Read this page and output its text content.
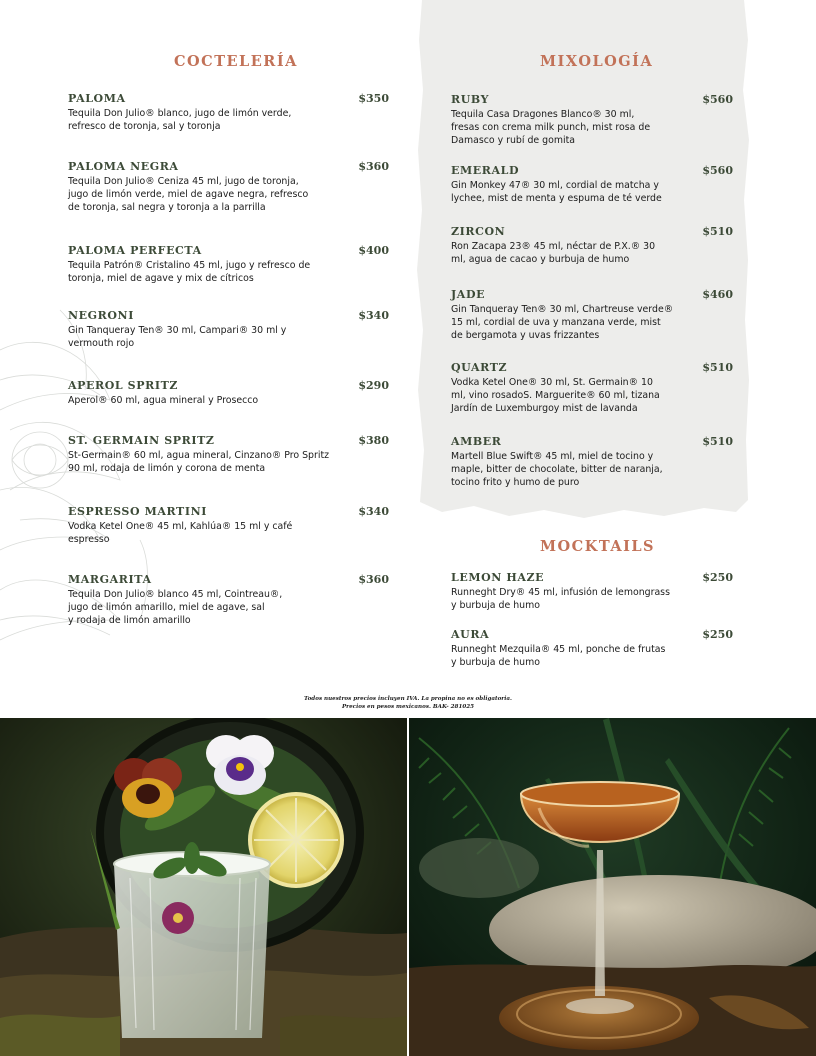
COCTELERÍA
PALOMA	$350
Tequila Don Julio® blanco, jugo de limón verde,
refresco de toronja, sal y toronja
PALOMA NEGRA	$360
Tequila Don Julio® Ceniza 45 ml, jugo de toronja,
jugo de limón verde, miel de agave negra, refresco
de toronja, sal negra y toronja a la parrilla
PALOMA PERFECTA	$400
Tequila Patrón® Cristalino 45 ml, jugo y refresco de
toronja, miel de agave y mix de cítricos
NEGRONI	$340
Gin Tanqueray Ten® 30 ml, Campari® 30 ml y
vermouth rojo
APEROL SPRITZ	$290
Aperol® 60 ml, agua mineral y Prosecco
ST. GERMAIN SPRITZ	$380
St-Germain® 60 ml, agua mineral, Cinzano® Pro Spritz
90 ml, rodaja de limón y corona de menta
ESPRESSO MARTINI	$340
Vodka Ketel One® 45 ml, Kahlúa® 15 ml y café
espresso
MARGARITA	$360
Tequila Don Julio® blanco 45 ml, Cointreau®,
jugo de limón amarillo, miel de agave, sal
y rodaja de limón amarillo
MIXOLOGÍA
RUBY	$560
Tequila Casa Dragones Blanco® 30 ml,
fresas con crema milk punch, mist rosa de
Damasco y rubí de gomita
EMERALD	$560
Gin Monkey 47® 30 ml, cordial de matcha y
lychee, mist de menta y espuma de té verde
ZIRCON	$510
Ron Zacapa 23® 45 ml, néctar de P.X.® 30
ml, agua de cacao y burbuja de humo
JADE	$460
Gin Tanqueray Ten® 30 ml, Chartreuse verde®
15 ml, cordial de uva y manzana verde, mist
de bergamota y uvas frizzantes
QUARTZ	$510
Vodka Ketel One® 30 ml, St. Germain® 10
ml, vino rosadoS. Marguerite® 60 ml, tizana
Jardín de Luxemburgoy mist de lavanda
AMBER	$510
Martell Blue Swift® 45 ml, miel de tocino y
maple, bitter de chocolate, bitter de naranja,
tocino frito y humo de puro
MOCKTAILS
LEMON HAZE	$250
Runneght Dry® 45 ml, infusión de lemongrass
y burbuja de humo
AURA	$250
Runneght Mezquila® 45 ml, ponche de frutas
y burbuja de humo
Todos nuestros precios incluyen IVA. La propina no es obligatoria.
Precios en pesos mexicanos. BAK- 281025
